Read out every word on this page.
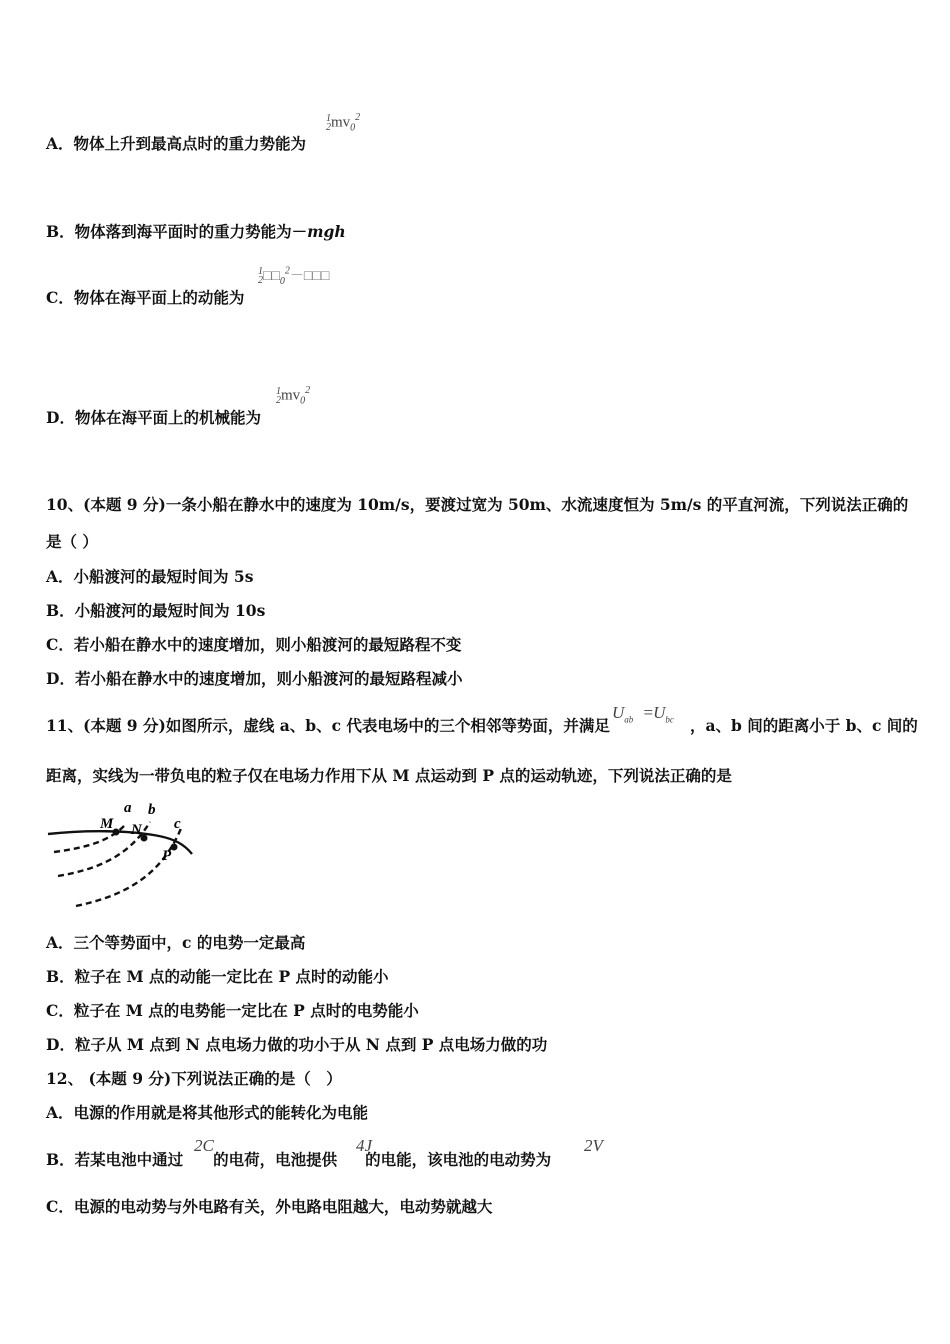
A．物体上升到最高点时的重力势能为
1
2 $mv_0^2$
B．物体落到海平面时的重力势能为－mgh
C．物体在海平面上的动能为
1
2 $□□_0^2-□□□$
D．物体在海平面上的机械能为
1
2 $mv_0^2$
10、(本题 9 分)一条小船在静水中的速度为 10m/s，要渡过宽为 50m、水流速度恒为 5m/s 的平直河流，下列说法正确的
是（ ）
A．小船渡河的最短时间为 5s
B．小船渡河的最短时间为 10s
C．若小船在静水中的速度增加，则小船渡河的最短路程不变
D．若小船在静水中的速度增加，则小船渡河的最短路程减小
11、(本题 9 分)如图所示，虚线 a、b、c 代表电场中的三个相邻等势面，并满足	，a、b 间的距离小于 b、c 间的
$U_{ab} =U_{bc}$
距离，实线为一带负电的粒子仅在电场力作用下从 M 点运动到 P 点的运动轨迹，下列说法正确的是
M
a
N
b
c
P
A．三个等势面中，c 的电势一定最高
B．粒子在 M 点的动能一定比在 P 点时的动能小
C．粒子在 M 点的电势能一定比在 P 点时的电势能小
D．粒子从 M 点到 N 点电场力做的功小于从 N 点到 P 点电场力做的功
12、 (本题 9 分)下列说法正确的是（　）
A．电源的作用就是将其他形式的能转化为电能
B．若某电池中通过 的电荷，电池提供 的电能，该电池的电动势为
2C	4J	2V
C．电源的电动势与外电路有关，外电路电阻越大，电动势就越大
